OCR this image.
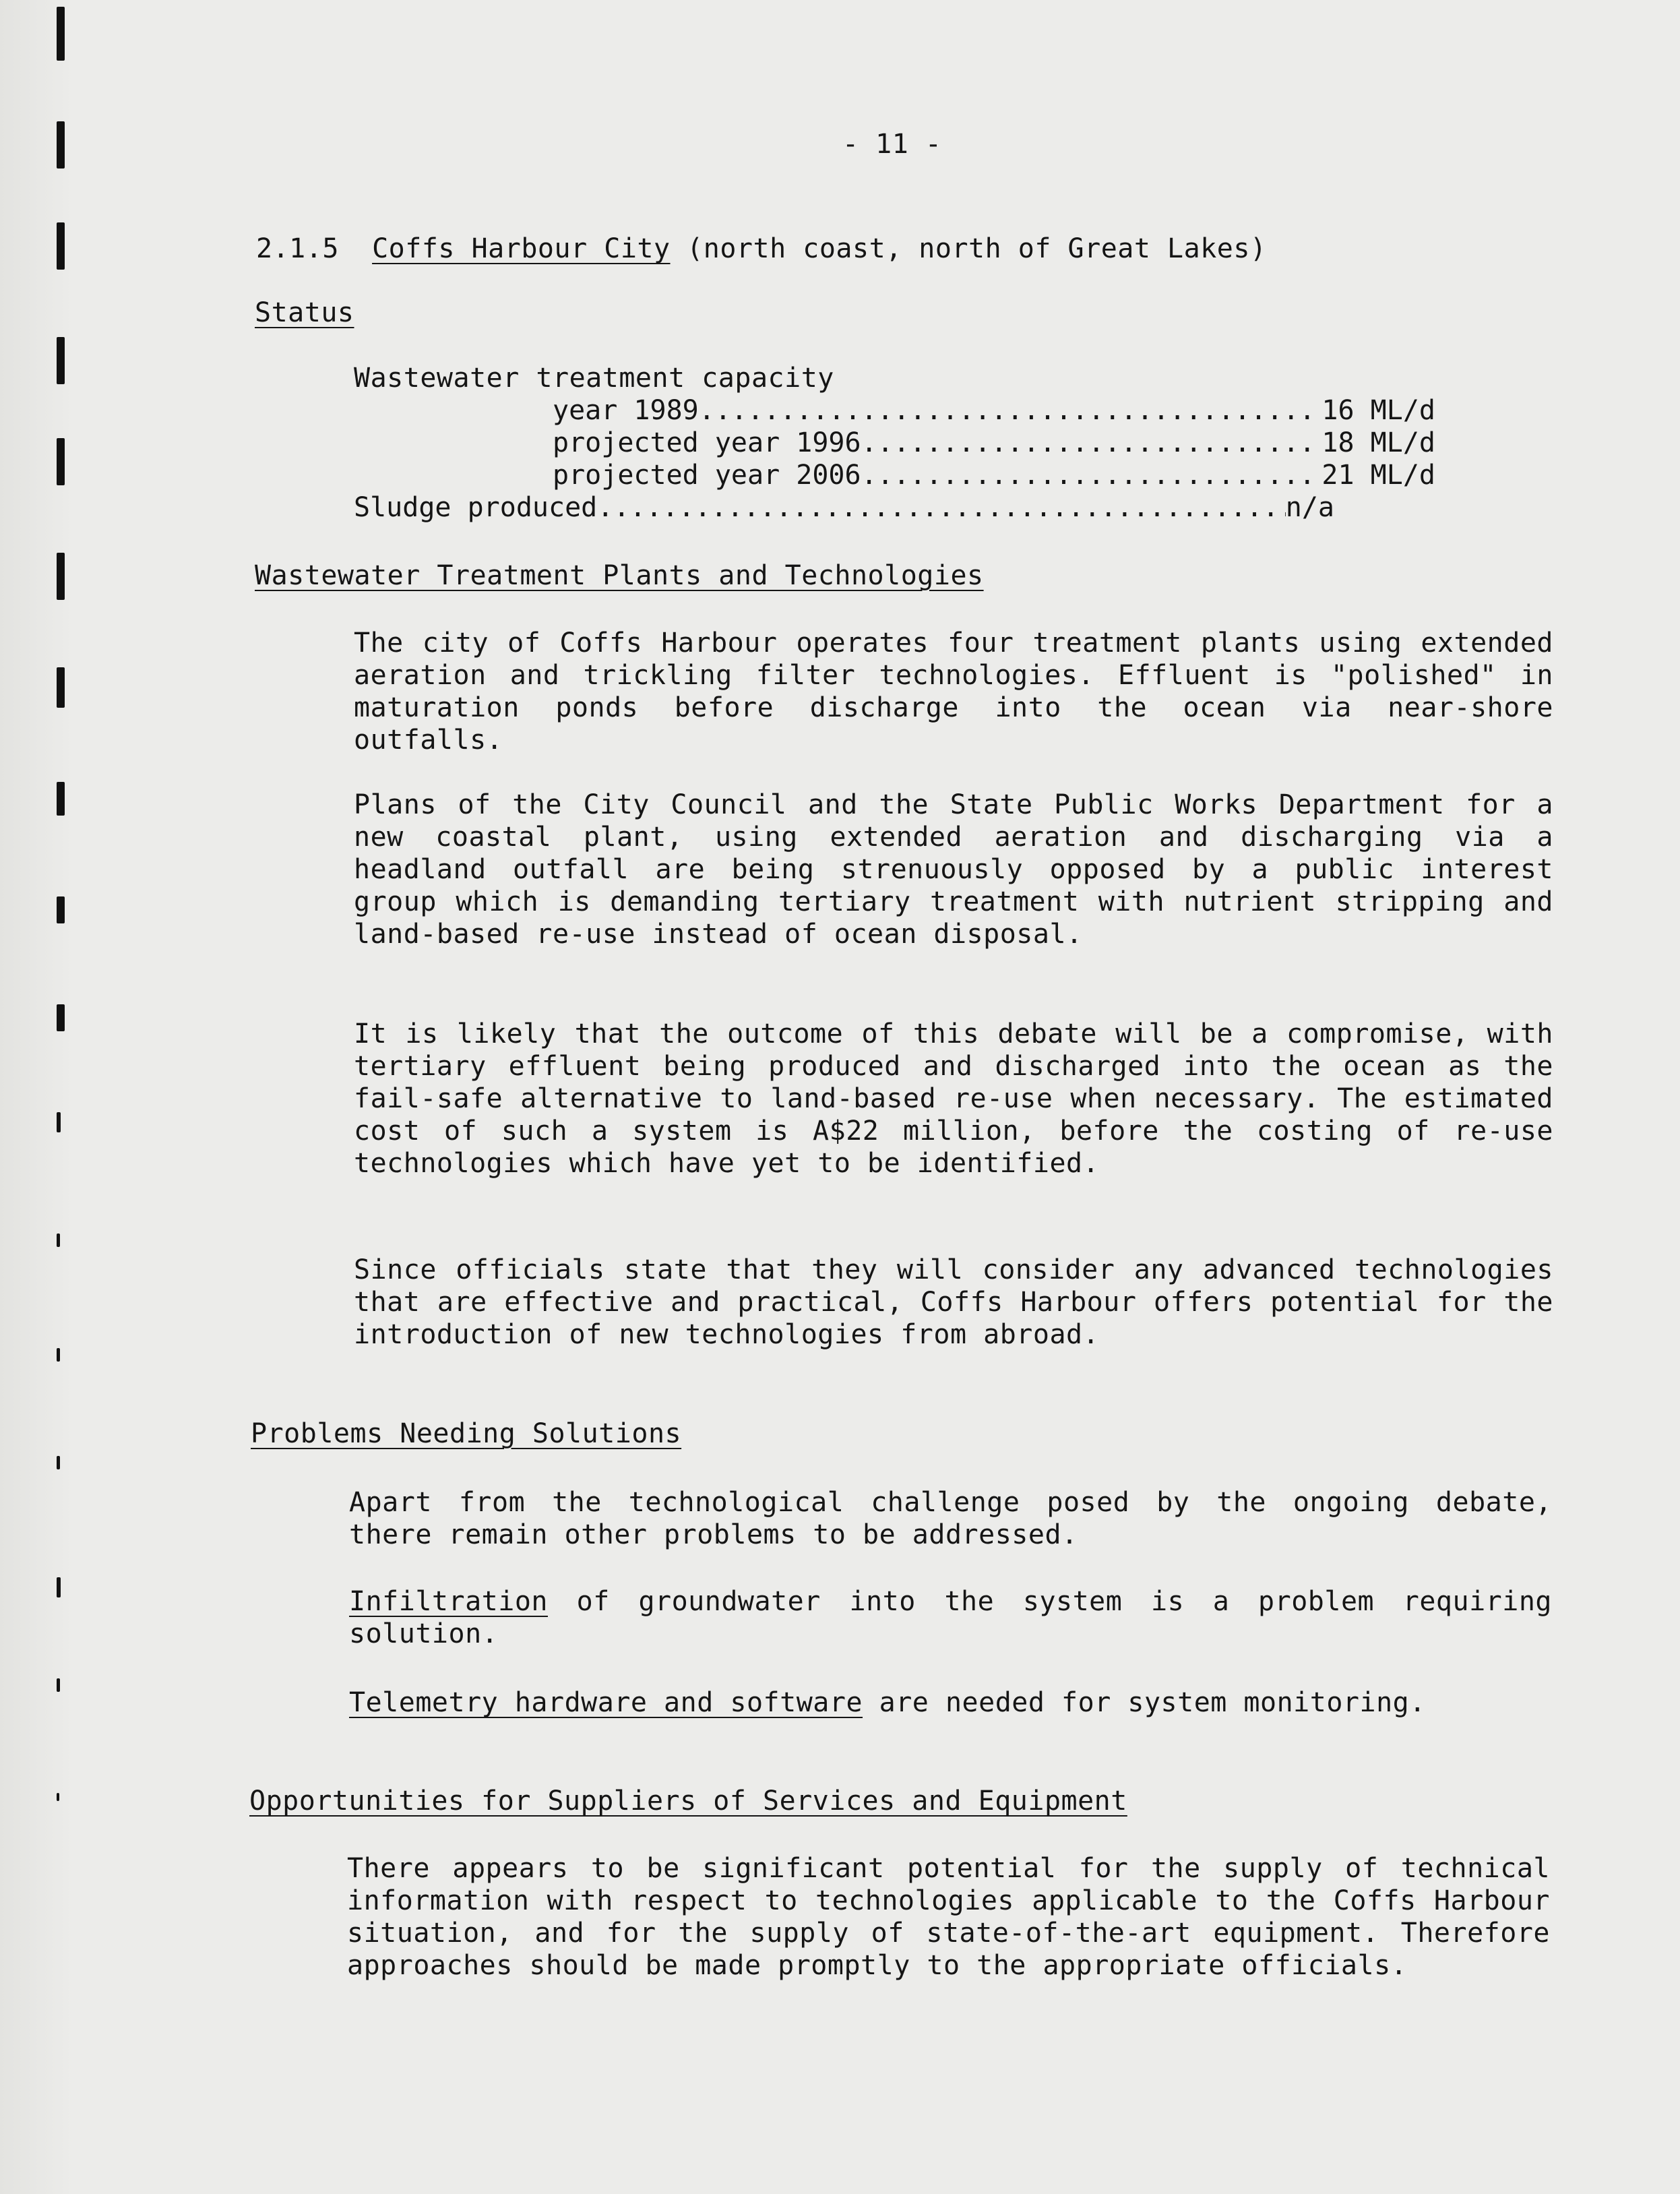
- 11 -
2.1.5 Coffs Harbour City (north coast, north of Great Lakes)
Status
Wastewater treatment capacity
year 1989 .....	16 ML/d
projected year 1996 .....	18 ML/d
projected year 2006 .....	21 ML/d
Sludge produced .....	n/a
Wastewater Treatment Plants and Technologies
The city of Coffs Harbour operates four treatment plants using extended aeration and trickling filter technologies. Effluent is "polished" in maturation ponds before discharge into the ocean via near-shore outfalls.
Plans of the City Council and the State Public Works Department for a new coastal plant, using extended aeration and discharging via a headland outfall are being strenuously opposed by a public interest group which is demanding tertiary treatment with nutrient stripping and land-based re-use instead of ocean disposal.
It is likely that the outcome of this debate will be a compromise, with tertiary effluent being produced and discharged into the ocean as the fail-safe alternative to land-based re-use when necessary. The estimated cost of such a system is A$22 million, before the costing of re-use technologies which have yet to be identified.
Since officials state that they will consider any advanced technologies that are effective and practical, Coffs Harbour offers potential for the introduction of new technologies from abroad.
Problems Needing Solutions
Apart from the technological challenge posed by the ongoing debate, there remain other problems to be addressed.
Infiltration of groundwater into the system is a problem requiring solution.
Telemetry hardware and software are needed for system monitoring.
Opportunities for Suppliers of Services and Equipment
There appears to be significant potential for the supply of technical information with respect to technologies applicable to the Coffs Harbour situation, and for the supply of state-of-the-art equipment. Therefore approaches should be made promptly to the appropriate officials.
